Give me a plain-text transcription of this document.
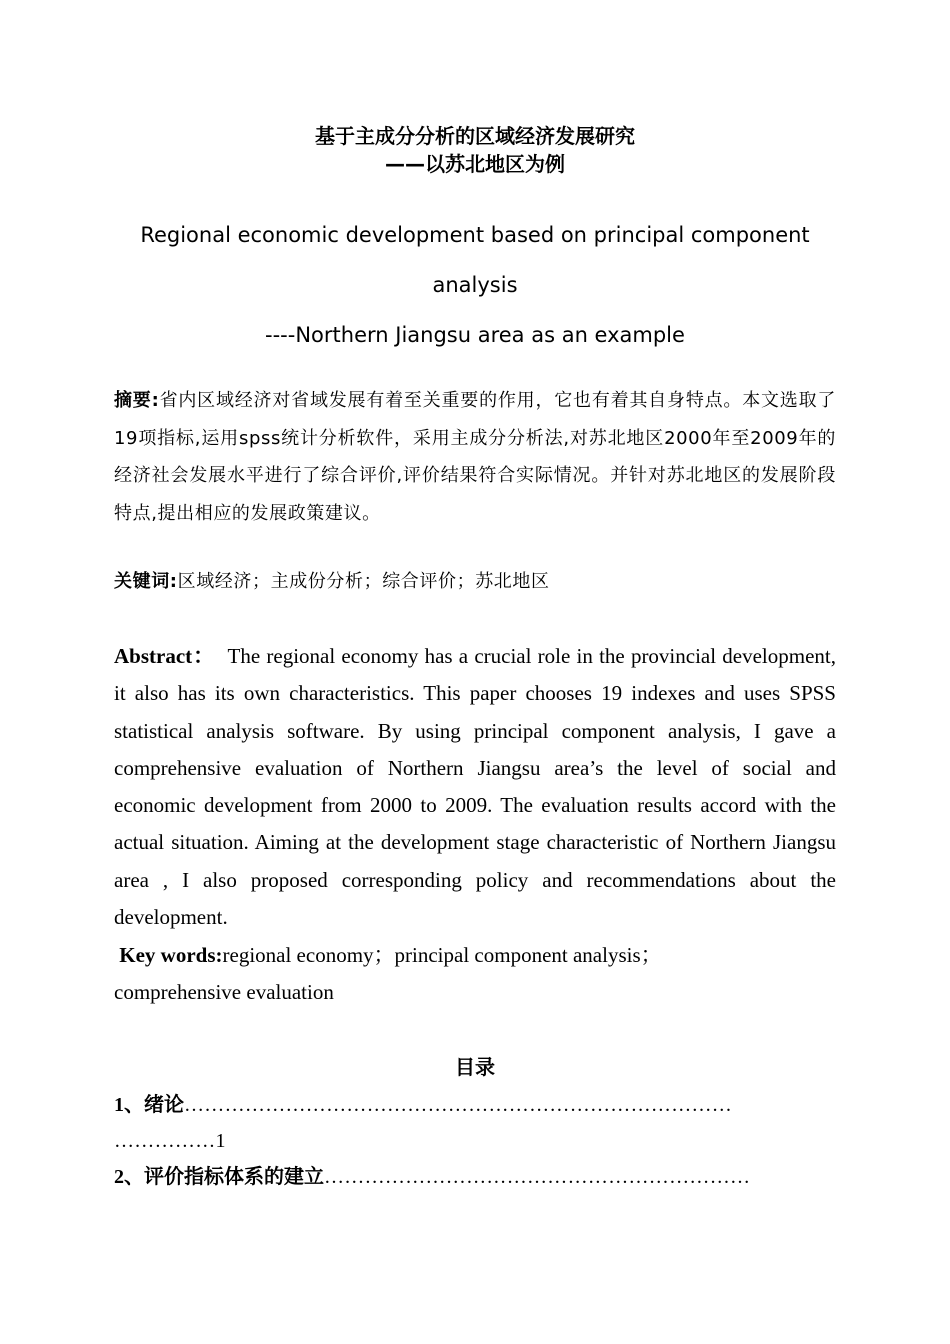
基于主成分分析的区域经济发展研究
——以苏北地区为例
Regional economic development based on principal component
analysis
----Northern Jiangsu area as an example
摘要:省内区域经济对省域发展有着至关重要的作用，它也有着其自身特点。本文选取了19项指标,运用spss统计分析软件，采用主成分分析法,对苏北地区2000年至2009年的经济社会发展水平进行了综合评价,评价结果符合实际情况。并针对苏北地区的发展阶段特点,提出相应的发展政策建议。
关键词:区域经济；主成份分析；综合评价；苏北地区
Abstract： The regional economy has a crucial role in the provincial development, it also has its own characteristics. This paper chooses 19 indexes and uses SPSS statistical analysis software. By using principal component analysis, I gave a comprehensive evaluation of Northern Jiangsu area’s the level of social and economic development from 2000 to 2009. The evaluation results accord with the actual situation. Aiming at the development stage characteristic of Northern Jiangsu area , I also proposed corresponding policy and recommendations about the development.
Key words:regional economy；principal component analysis；
comprehensive evaluation
目录
1、绪论………………………………………………………………………
……………1
2、评价指标体系的建立………………………………………………………
